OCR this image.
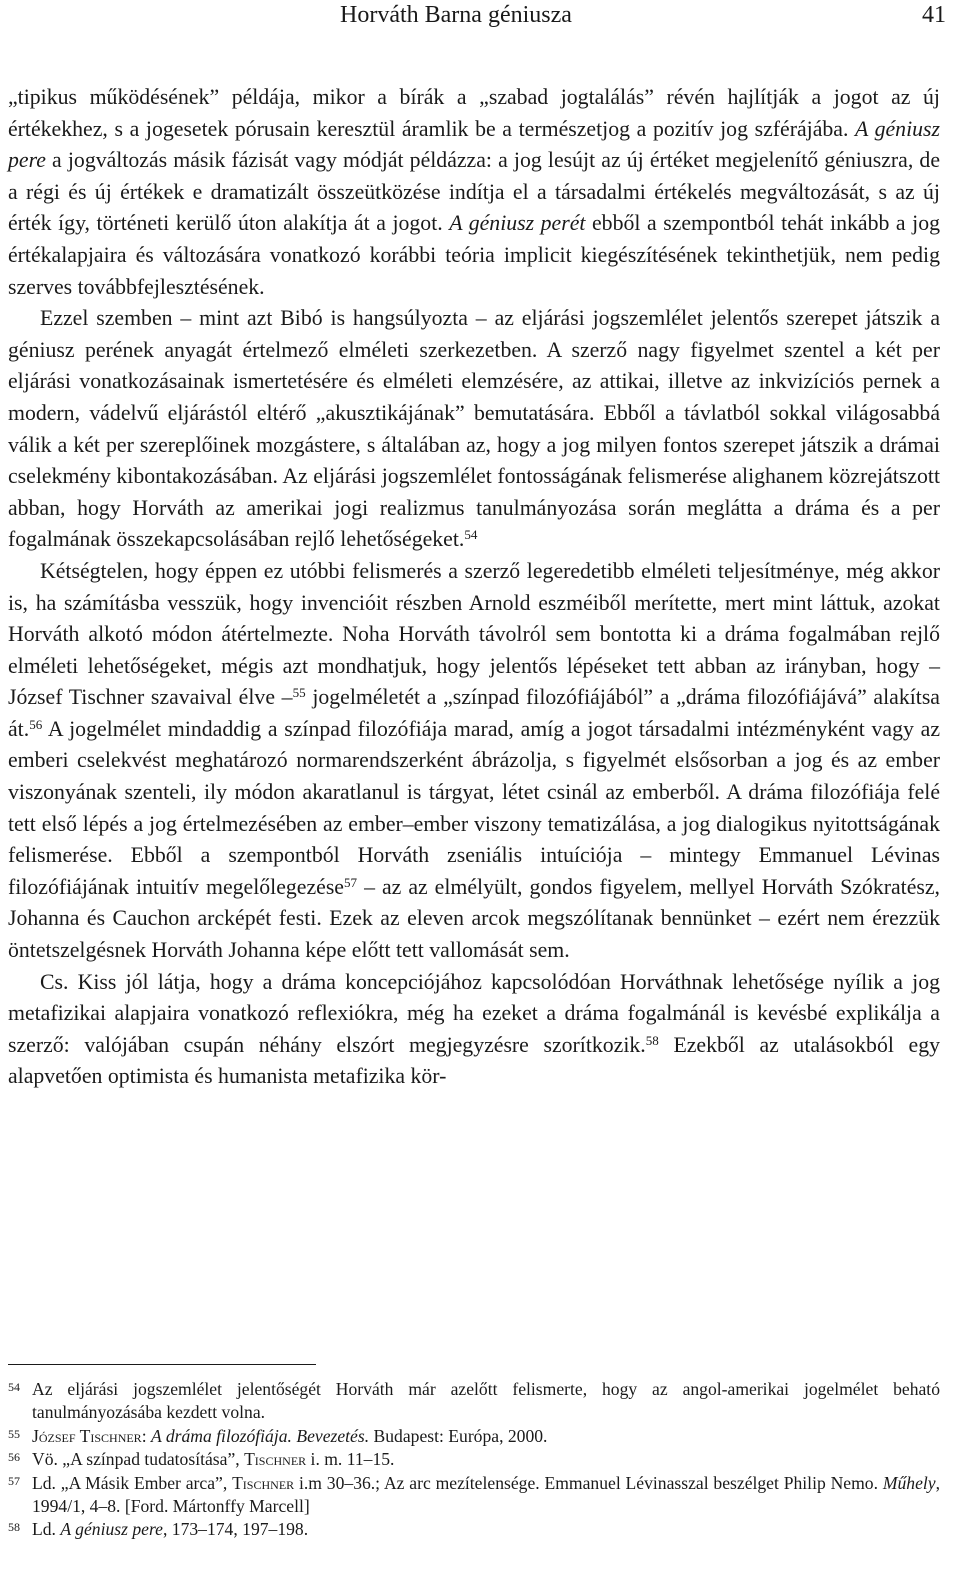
Horváth Barna géniusza	41

„tipikus működésének” példája, mikor a bírák a „szabad jogtalálás” révén hajlítják a jogot az új értékekhez, s a jogesetek pórusain keresztül áramlik be a természetjog a pozitív jog szférájába. A géniusz pere a jogváltozás másik fázisát vagy módját példázza: a jog lesújt az új értéket megjelenítő géniuszra, de a régi és új értékek e dramatizált összeütközése indítja el a társadalmi értékelés megváltozását, s az új érték így, történeti kerülő úton alakítja át a jogot. A géniusz perét ebből a szempontból tehát inkább a jog értékalapjaira és változására vonatkozó korábbi teória implicit kiegészítésének tekinthetjük, nem pedig szerves továbbfejlesztésének.

Ezzel szemben – mint azt Bibó is hangsúlyozta – az eljárási jogszemlélet jelentős szerepet játszik a géniusz perének anyagát értelmező elméleti szerkezetben. A szerző nagy figyelmet szentel a két per eljárási vonatkozásainak ismertetésére és elméleti elemzésére, az attikai, illetve az inkvizíciós pernek a modern, vádelvű eljárástól eltérő „akusztikájának” bemutatására. Ebből a távlatból sokkal világosabbá válik a két per szereplőinek mozgástere, s általában az, hogy a jog milyen fontos szerepet játszik a drámai cselekmény kibontakozásában. Az eljárási jogszemlélet fontosságának felismerése alighanem közrejátszott abban, hogy Horváth az amerikai jogi realizmus tanulmányozása során meglátta a dráma és a per fogalmának összekapcsolásában rejlő lehetőségeket.$^{54}$

Kétségtelen, hogy éppen ez utóbbi felismerés a szerző legeredetibb elméleti teljesítménye, még akkor is, ha számításba vesszük, hogy invencióit részben Arnold eszméiből merítette, mert mint láttuk, azokat Horváth alkotó módon átértelmezte. Noha Horváth távolról sem bontotta ki a dráma fogalmában rejlő elméleti lehetőségeket, mégis azt mondhatjuk, hogy jelentős lépéseket tett abban az irányban, hogy – József Tischner szavaival élve –$^{55}$ jogelméletét a „színpad filozófiájából” a „dráma filozófiájává” alakítsa át.$^{56}$ A jogelmélet mindaddig a színpad filozófiája marad, amíg a jogot társadalmi intézményként vagy az emberi cselekvést meghatározó normarendszerként ábrázolja, s figyelmét elsősorban a jog és az ember viszonyának szenteli, ily módon akaratlanul is tárgyat, létet csinál az emberből. A dráma filozófiája felé tett első lépés a jog értelmezésében az ember–ember viszony tematizálása, a jog dialogikus nyitottságának felismerése. Ebből a szempontból Horváth zseniális intuíciója – mintegy Emmanuel Lévinas filozófiájának intuitív megelőlegezése$^{57}$ – az az elmélyült, gondos figyelem, mellyel Horváth Szókratész, Johanna és Cauchon arcképét festi. Ezek az eleven arcok megszólítanak bennünket – ezért nem érezzük öntetszelgésnek Horváth Johanna képe előtt tett vallomását sem.

Cs. Kiss jól látja, hogy a dráma koncepciójához kapcsolódóan Horváthnak lehetősége nyílik a jog metafizikai alapjaira vonatkozó reflexiókra, még ha ezeket a dráma fogalmánál is kevésbé explikálja a szerző: valójában csupán néhány elszórt megjegyzésre szorítkozik.$^{58}$ Ezekből az utalásokból egy alapvetően optimista és humanista metafizika kör-

54 Az eljárási jogszemlélet jelentőségét Horváth már azelőtt felismerte, hogy az angol-amerikai jogelmélet beható tanulmányozásába kezdett volna.
55 József Tischner: A dráma filozófiája. Bevezetés. Budapest: Európa, 2000.
56 Vö. „A színpad tudatosítása”, Tischner i. m. 11–15.
57 Ld. „A Másik Ember arca”, Tischner i.m 30–36.; Az arc mezítelensége. Emmanuel Lévinasszal beszélget Philip Nemo. Műhely, 1994/1, 4–8. [Ford. Mártonffy Marcell]
58 Ld. A géniusz pere, 173–174, 197–198.
